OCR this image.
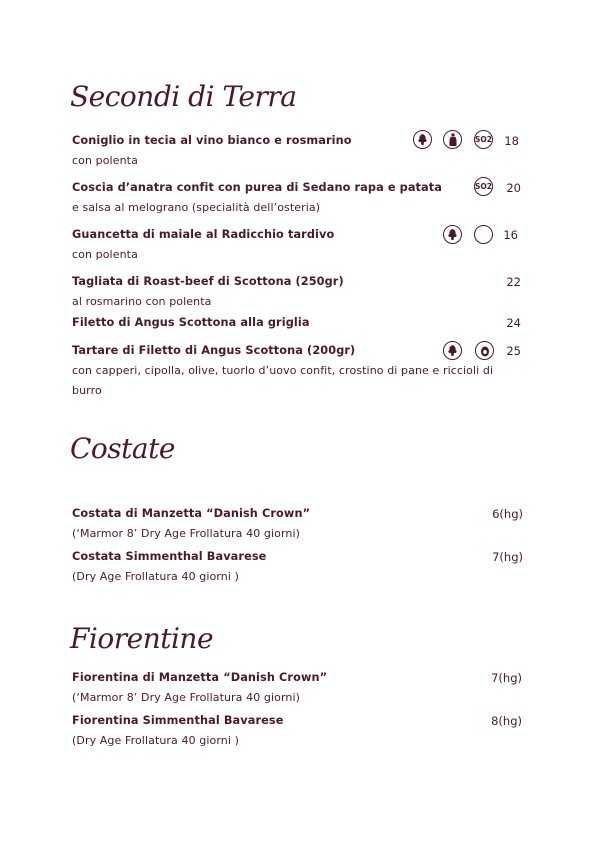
Secondi di Terra
Coniglio in tecia al vino bianco e rosmarino
con polenta
SO2	18
Coscia d’anatra confit con purea di Sedano rapa e patata
e salsa al melograno (specialità dell’osteria)
SO2	20
Guancetta di maiale al Radicchio tardivo
con polenta
16
Tagliata di Roast-beef di Scottona (250gr)
al rosmarino con polenta
22
Filetto di Angus Scottona alla griglia	24
Tartare di Filetto di Angus Scottona (200gr)
con capperi, cipolla, olive, tuorlo d’uovo confit, crostino di pane e riccioli di burro
25
Costate
Costata di Manzetta “Danish Crown”
(‘Marmor 8’ Dry Age Frollatura 40 giorni)
6(hg)
Costata Simmenthal Bavarese
(Dry Age Frollatura 40 giorni )
7(hg)
Fiorentine
Fiorentina di Manzetta “Danish Crown”
(‘Marmor 8’ Dry Age Frollatura 40 giorni)
7(hg)
Fiorentina Simmenthal Bavarese
(Dry Age Frollatura 40 giorni )
8(hg)
